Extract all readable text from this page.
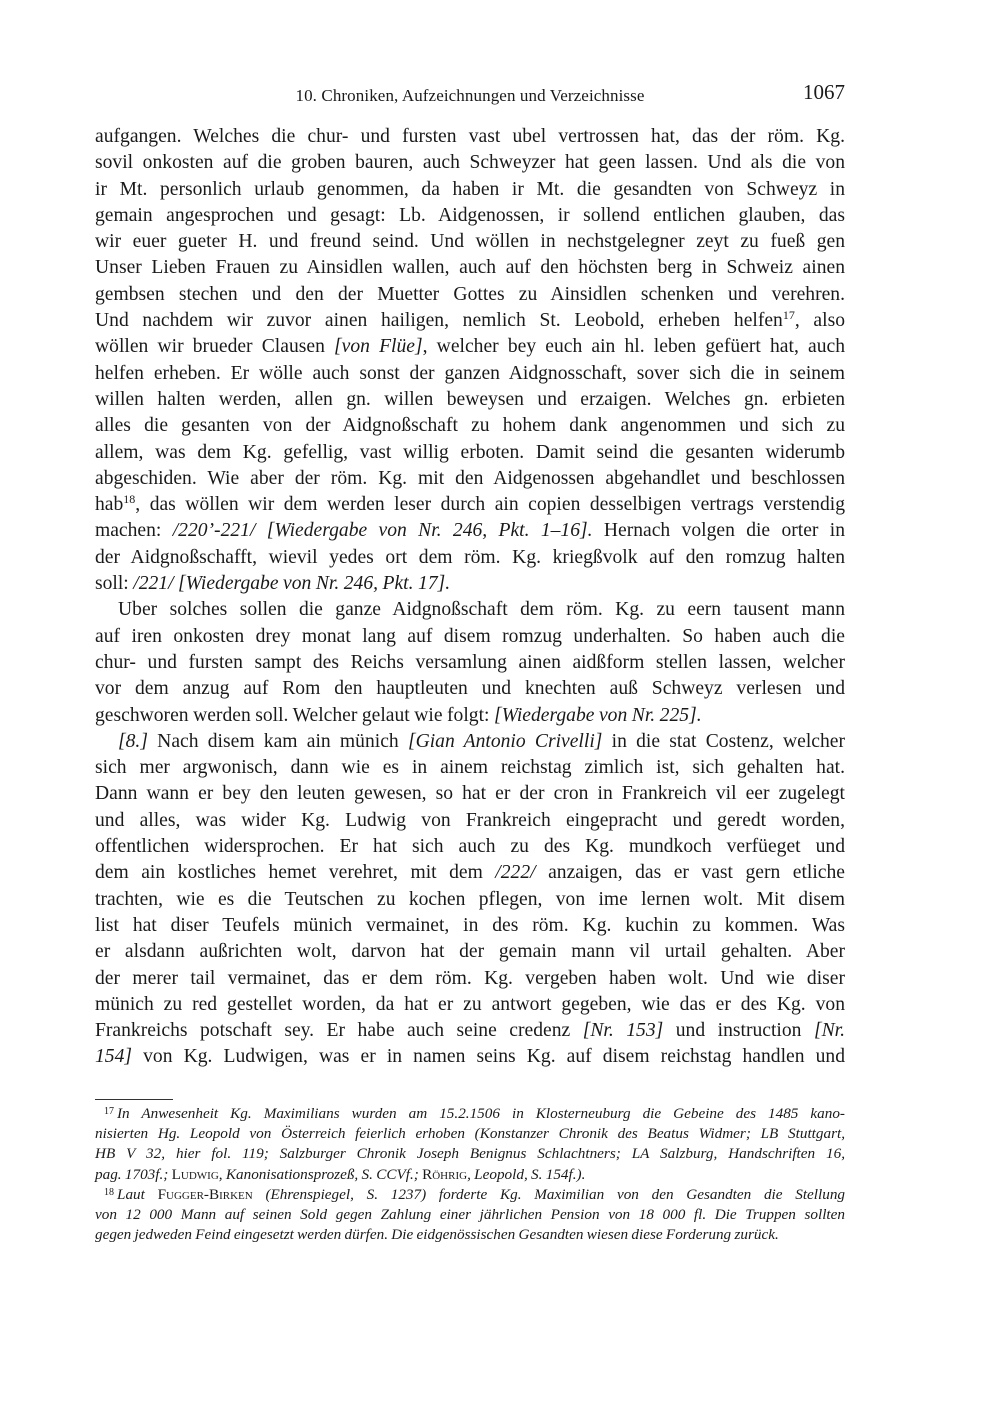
10. Chroniken, Aufzeichnungen und Verzeichnisse	1067
aufgangen. Welches die chur- und fursten vast ubel vertrossen hat, das der röm. Kg.
sovil onkosten auf die groben bauren, auch Schweyzer hat geen lassen. Und als die von
ir Mt. personlich urlaub genommen, da haben ir Mt. die gesandten von Schweyz in
gemain angesprochen und gesagt: Lb. Aidgenossen, ir sollend entlichen glauben, das
wir euer gueter H. und freund seind. Und wöllen in nechstgelegner zeyt zu fueß gen
Unser Lieben Frauen zu Ainsidlen wallen, auch auf den höchsten berg in Schweiz ainen
gembsen stechen und den der Muetter Gottes zu Ainsidlen schenken und verehren.
Und nachdem wir zuvor ainen hailigen, nemlich St. Leobold, erheben helfen$^{17}$, also
wöllen wir brueder Clausen [von Flüe], welcher bey euch ain hl. leben gefüert hat, auch
helfen erheben. Er wölle auch sonst der ganzen Aidgnosschaft, sover sich die in seinem
willen halten werden, allen gn. willen beweysen und erzaigen. Welches gn. erbieten
alles die gesanten von der Aidgnoßschaft zu hohem dank angenommen und sich zu
allem, was dem Kg. gefellig, vast willig erboten. Damit seind die gesanten widerumb
abgeschiden. Wie aber der röm. Kg. mit den Aidgenossen abgehandlet und beschlossen
hab$^{18}$, das wöllen wir dem werden leser durch ain copien desselbigen vertrags verstendig
machen: /220’-221/ [Wiedergabe von Nr. 246, Pkt. 1–16]. Hernach volgen die orter in
der Aidgnoßschafft, wievil yedes ort dem röm. Kg. kriegßvolk auf den romzug halten
soll: /221/ [Wiedergabe von Nr. 246, Pkt. 17].
Uber solches sollen die ganze Aidgnoßschaft dem röm. Kg. zu eern tausent mann
auf iren onkosten drey monat lang auf disem romzug underhalten. So haben auch die
chur- und fursten sampt des Reichs versamlung ainen aidßform stellen lassen, welcher
vor dem anzug auf Rom den hauptleuten und knechten auß Schweyz verlesen und
geschworen werden soll. Welcher gelaut wie folgt: [Wiedergabe von Nr. 225].
[8.] Nach disem kam ain münich [Gian Antonio Crivelli] in die stat Costenz, welcher
sich mer argwonisch, dann wie es in ainem reichstag zimlich ist, sich gehalten hat.
Dann wann er bey den leuten gewesen, so hat er der cron in Frankreich vil eer zugelegt
und alles, was wider Kg. Ludwig von Frankreich eingepracht und geredt worden,
offentlichen widersprochen. Er hat sich auch zu des Kg. mundkoch verfüeget und
dem ain kostliches hemet verehret, mit dem /222/ anzaigen, das er vast gern etliche
trachten, wie es die Teutschen zu kochen pflegen, von ime lernen wolt. Mit disem
list hat diser Teufels münich vermainet, in des röm. Kg. kuchin zu kommen. Was
er alsdann außrichten wolt, darvon hat der gemain mann vil urtail gehalten. Aber
der merer tail vermainet, das er dem röm. Kg. vergeben haben wolt. Und wie diser
münich zu red gestellet worden, da hat er zu antwort gegeben, wie das er des Kg. von
Frankreichs potschaft sey. Er habe auch seine credenz [Nr. 153] und instruction [Nr.
154] von Kg. Ludwigen, was er in namen seins Kg. auf disem reichstag handlen und
$^{17}$ In Anwesenheit Kg. Maximilians wurden am 15.2.1506 in Klosterneuburg die Gebeine des 1485 kano-
nisierten Hg. Leopold von Österreich feierlich erhoben (Konstanzer Chronik des Beatus Widmer; LB Stuttgart,
HB V 32, hier fol. 119; Salzburger Chronik Joseph Benignus Schlachtners; LA Salzburg, Handschriften 16,
pag. 1703f.; Ludwig, Kanonisationsprozeß, S. CCVf.; Röhrig, Leopold, S. 154f.).
$^{18}$ Laut Fugger-Birken (Ehrenspiegel, S. 1237) forderte Kg. Maximilian von den Gesandten die Stellung
von 12 000 Mann auf seinen Sold gegen Zahlung einer jährlichen Pension von 18 000 fl. Die Truppen sollten
gegen jedweden Feind eingesetzt werden dürfen. Die eidgenössischen Gesandten wiesen diese Forderung zurück.
